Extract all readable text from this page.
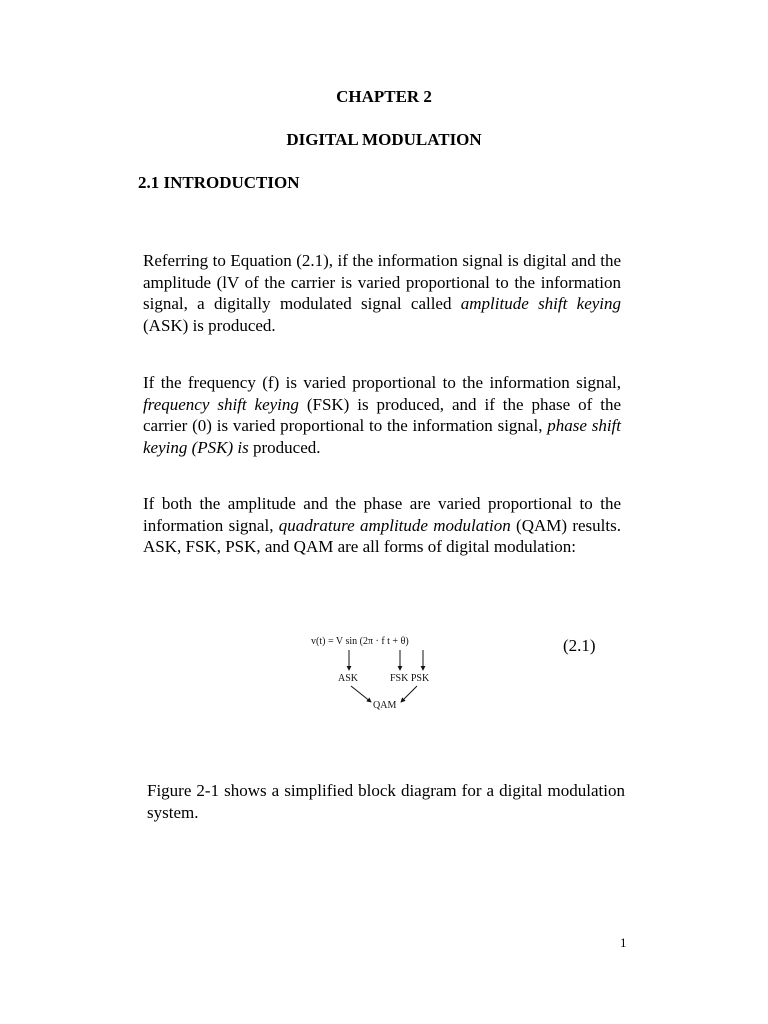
CHAPTER 2
DIGITAL MODULATION
2.1 INTRODUCTION

Referring to Equation (2.1), if the information signal is digital and the amplitude (lV of the carrier is varied proportional to the information signal, a digitally modulated signal called amplitude shift keying (ASK) is produced.

If the frequency (f) is varied proportional to the information signal, frequency shift keying (FSK) is produced, and if the phase of the carrier (0) is varied proportional to the information signal, phase shift keying (PSK) is produced.

If both the amplitude and the phase are varied proportional to the information signal, quadrature amplitude modulation (QAM) results. ASK, FSK, PSK, and QAM are all forms of digital modulation:

v(t) = V sin (2π · f t + θ)
ASK	FSK PSK
QAM
(2.1)

Figure 2-1 shows a simplified block diagram for a digital modulation system.

1
